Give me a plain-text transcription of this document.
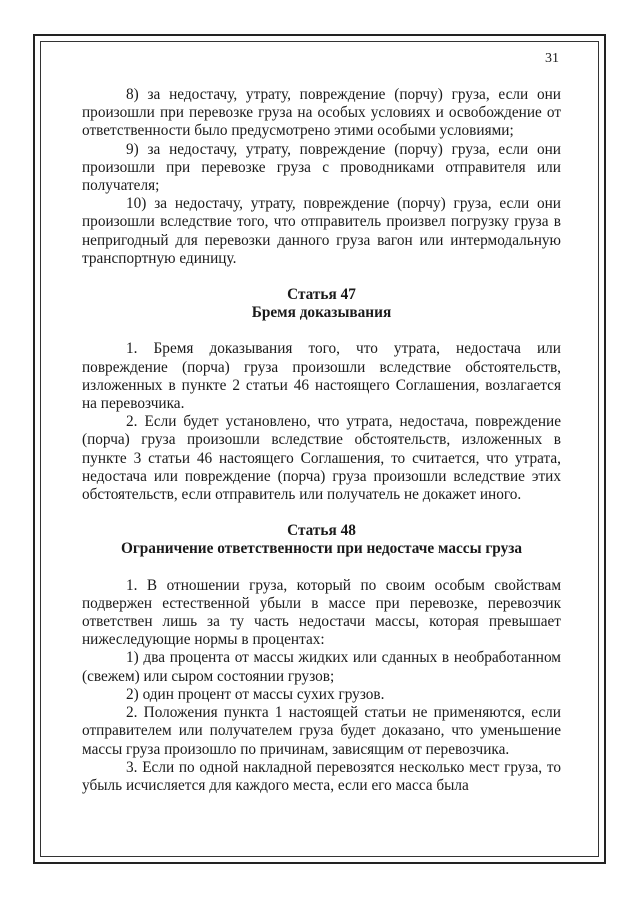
31

8) за недостачу, утрату, повреждение (порчу) груза, если они произошли при перевозке груза на особых условиях и освобождение от ответственности было предусмотрено этими особыми условиями;

9) за недостачу, утрату, повреждение (порчу) груза, если они произошли при перевозке груза с проводниками отправителя или получателя;

10) за недостачу, утрату, повреждение (порчу) груза, если они произошли вследствие того, что отправитель произвел погрузку груза в непригодный для перевозки данного груза вагон или интермодальную транспортную единицу.

Статья 47
Бремя доказывания

1. Бремя доказывания того, что утрата, недостача или повреждение (порча) груза произошли вследствие обстоятельств, изложенных в пункте 2 статьи 46 настоящего Соглашения, возлагается на перевозчика.

2. Если будет установлено, что утрата, недостача, повреждение (порча) груза произошли вследствие обстоятельств, изложенных в пункте 3 статьи 46 настоящего Соглашения, то считается, что утрата, недостача или повреждение (порча) груза произошли вследствие этих обстоятельств, если отправитель или получатель не докажет иного.

Статья 48
Ограничение ответственности при недостаче массы груза

1. В отношении груза, который по своим особым свойствам подвержен естественной убыли в массе при перевозке, перевозчик ответствен лишь за ту часть недостачи массы, которая превышает нижеследующие нормы в процентах:

1) два процента от массы жидких или сданных в необработанном (свежем) или сыром состоянии грузов;

2) один процент от массы сухих грузов.

2. Положения пункта 1 настоящей статьи не применяются, если отправителем или получателем груза будет доказано, что уменьшение массы груза произошло по причинам, зависящим от перевозчика.

3. Если по одной накладной перевозятся несколько мест груза, то убыль исчисляется для каждого места, если его масса была
